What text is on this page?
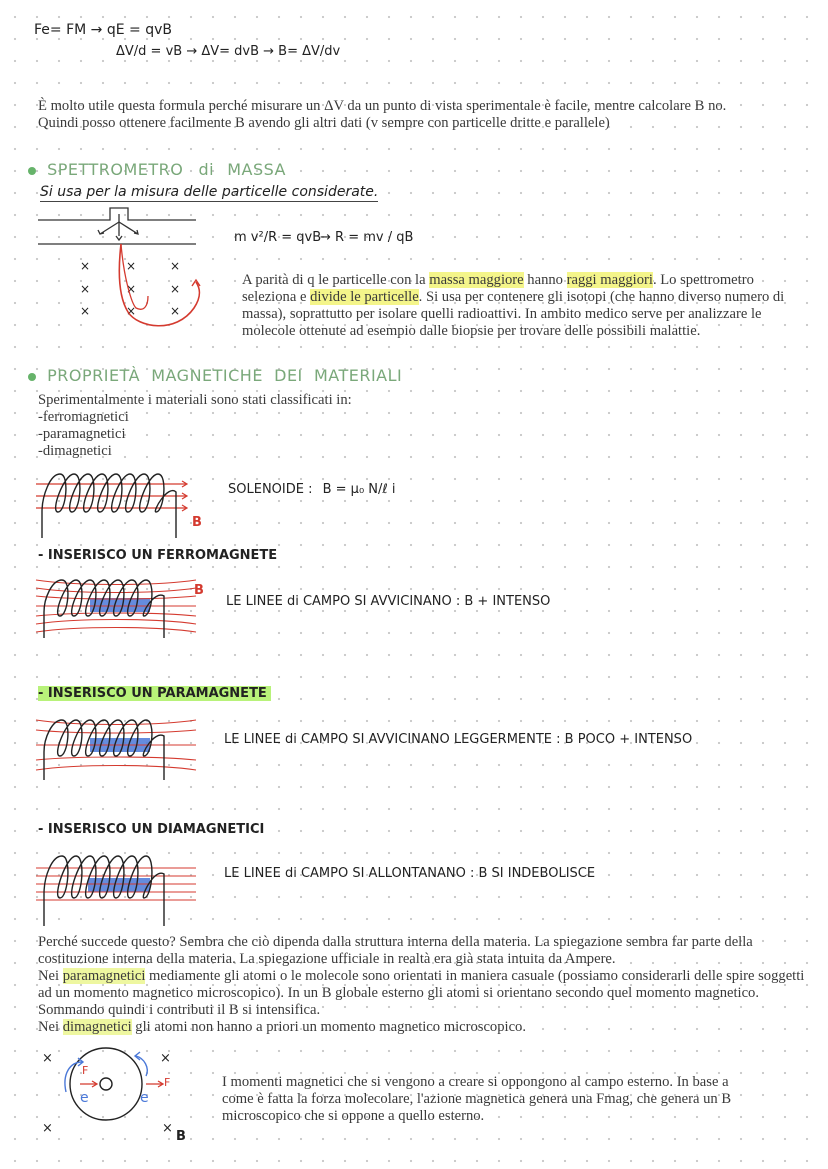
Fe= FM → qE = qvB
ΔV/d = vB → ΔV= dvB → B= ΔV/dv
È molto utile questa formula perché misurare un ΔV da un punto di vista sperimentale è facile, mentre calcolare B no.
Quindi posso ottenere facilmente B avendo gli altri dati (v sempre con particelle dritte e parallele)
SPETTROMETRO di MASSA
Si usa per la misura delle particelle considerate.
×	×	×
×	×	×
×	×	×
m v²/R = qvB
→ R = mv / qB
A parità di q le particelle con la massa maggiore hanno raggi maggiori. Lo spettrometro seleziona e divide le particelle. Si usa per contenere gli isotopi (che hanno diverso numero di massa), soprattutto per isolare quelli radioattivi. In ambito medico serve per analizzare le molecole ottenute ad esempio dalle biopsie per trovare delle possibili malattie.
PROPRIETÀ  MAGNETICHE  DEI  MATERIALI
Sperimentalmente i materiali sono stati classificati in:
-ferromagnetici
-paramagnetici
-dimagnetici
B
SOLENOIDE : B = μ₀ N/ℓ i
- INSERISCO UN FERROMAGNETE
B
LE LINEE di CAMPO SI AVVICINANO : B + INTENSO
- INSERISCO UN PARAMAGNETE
LE LINEE di CAMPO SI AVVICINANO LEGGERMENTE : B POCO + INTENSO
- INSERISCO UN DIAMAGNETICI
LE LINEE di CAMPO SI ALLONTANANO : B SI INDEBOLISCE
Perché succede questo? Sembra che ciò dipenda dalla struttura interna della materia. La spiegazione sembra far parte della costituzione interna della materia. La spiegazione ufficiale in realtà era già stata intuita da Ampere.
Nei paramagnetici mediamente gli atomi o le molecole sono orientati in maniera casuale (possiamo considerarli delle spire soggetti ad un momento magnetico microscopico). In un B globale esterno gli atomi si orientano secondo quel momento magnetico. Sommando quindi i contributi il B si intensifica.
Nei dimagnetici gli atomi non hanno a priori un momento magnetico microscopico.
×	×
×	×
F
F
e	e
B
I momenti magnetici che si vengono a creare si oppongono al campo esterno. In base a come è fatta la forza molecolare, l'azione magnetica genera una Fmag, che genera un B microscopico che si oppone a quello esterno.
